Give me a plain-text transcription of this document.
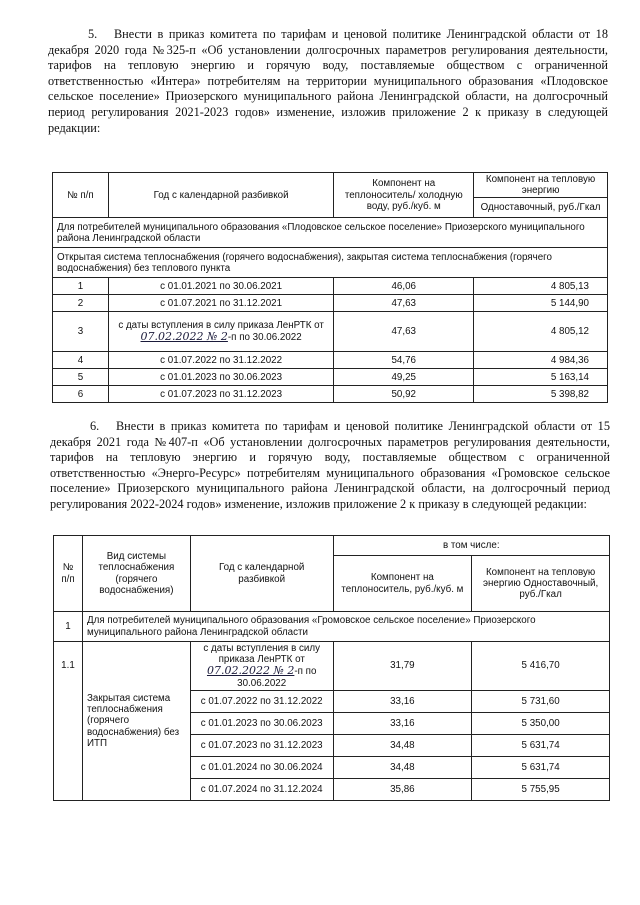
5. Внести в приказ комитета по тарифам и ценовой политике Ленинградской области от 18 декабря 2020 года №325-п «Об установлении долгосрочных параметров регулирования деятельности, тарифов на тепловую энергию и горячую воду, поставляемые обществом с ограниченной ответственностью «Интера» потребителям на территории муниципального образования «Плодовское сельское поселение» Приозерского муниципального района Ленинградской области, на долгосрочный период регулирования 2021-2023 годов» изменение, изложив приложение 2 к приказу в следующей редакции:

№ п/п	Год с календарной разбивкой	Компонент на теплоноситель/ холодную воду, руб./куб. м	Компонент на тепловую энергию
			Одноставочный, руб./Гкал
Для потребителей муниципального образования «Плодовское сельское поселение» Приозерского муниципального района Ленинградской области			
Открытая система теплоснабжения (горячего водоснабжения), закрытая система теплоснабжения (горячего водоснабжения) без теплового пункта			
1	с 01.01.2021 по 30.06.2021	46,06	4 805,13
2	с 01.07.2021 по 31.12.2021	47,63	5 144,90
3	с даты вступления в силу приказа ЛенРТК от 07.02.2022 № 2-п по 30.06.2022	47,63	4 805,12
4	с 01.07.2022 по 31.12.2022	54,76	4 984,36
5	с 01.01.2023 по 30.06.2023	49,25	5 163,14
6	с 01.07.2023 по 31.12.2023	50,92	5 398,82

6. Внести в приказ комитета по тарифам и ценовой политике Ленинградской области от 15 декабря 2021 года №407-п «Об установлении долгосрочных параметров регулирования деятельности, тарифов на тепловую энергию и горячую воду, поставляемые обществом с ограниченной ответственностью «Энерго-Ресурс» потребителям муниципального образования «Громовское сельское поселение» Приозерского муниципального района Ленинградской области, на долгосрочный период регулирования 2022-2024 годов» изменение, изложив приложение 2 к приказу в следующей редакции:

№ п/п	Вид системы теплоснабжения (горячего водоснабжения)	Год с календарной разбивкой	в том числе:	
			Компонент на теплоноситель, руб./куб. м	Компонент на тепловую энергию Одноставочный, руб./Гкал
1	Для потребителей муниципального образования «Громовское сельское поселение» Приозерского муниципального района Ленинградской области			
1.1	Закрытая система теплоснабжения (горячего водоснабжения) без ИТП	с даты вступления в силу приказа ЛенРТК от 07.02.2022 № 2-п по 30.06.2022	31,79	5 416,70
		с 01.07.2022 по 31.12.2022	33,16	5 731,60
		с 01.01.2023 по 30.06.2023	33,16	5 350,00
		с 01.07.2023 по 31.12.2023	34,48	5 631,74
		с 01.01.2024 по 30.06.2024	34,48	5 631,74
		с 01.07.2024 по 31.12.2024	35,86	5 755,95
